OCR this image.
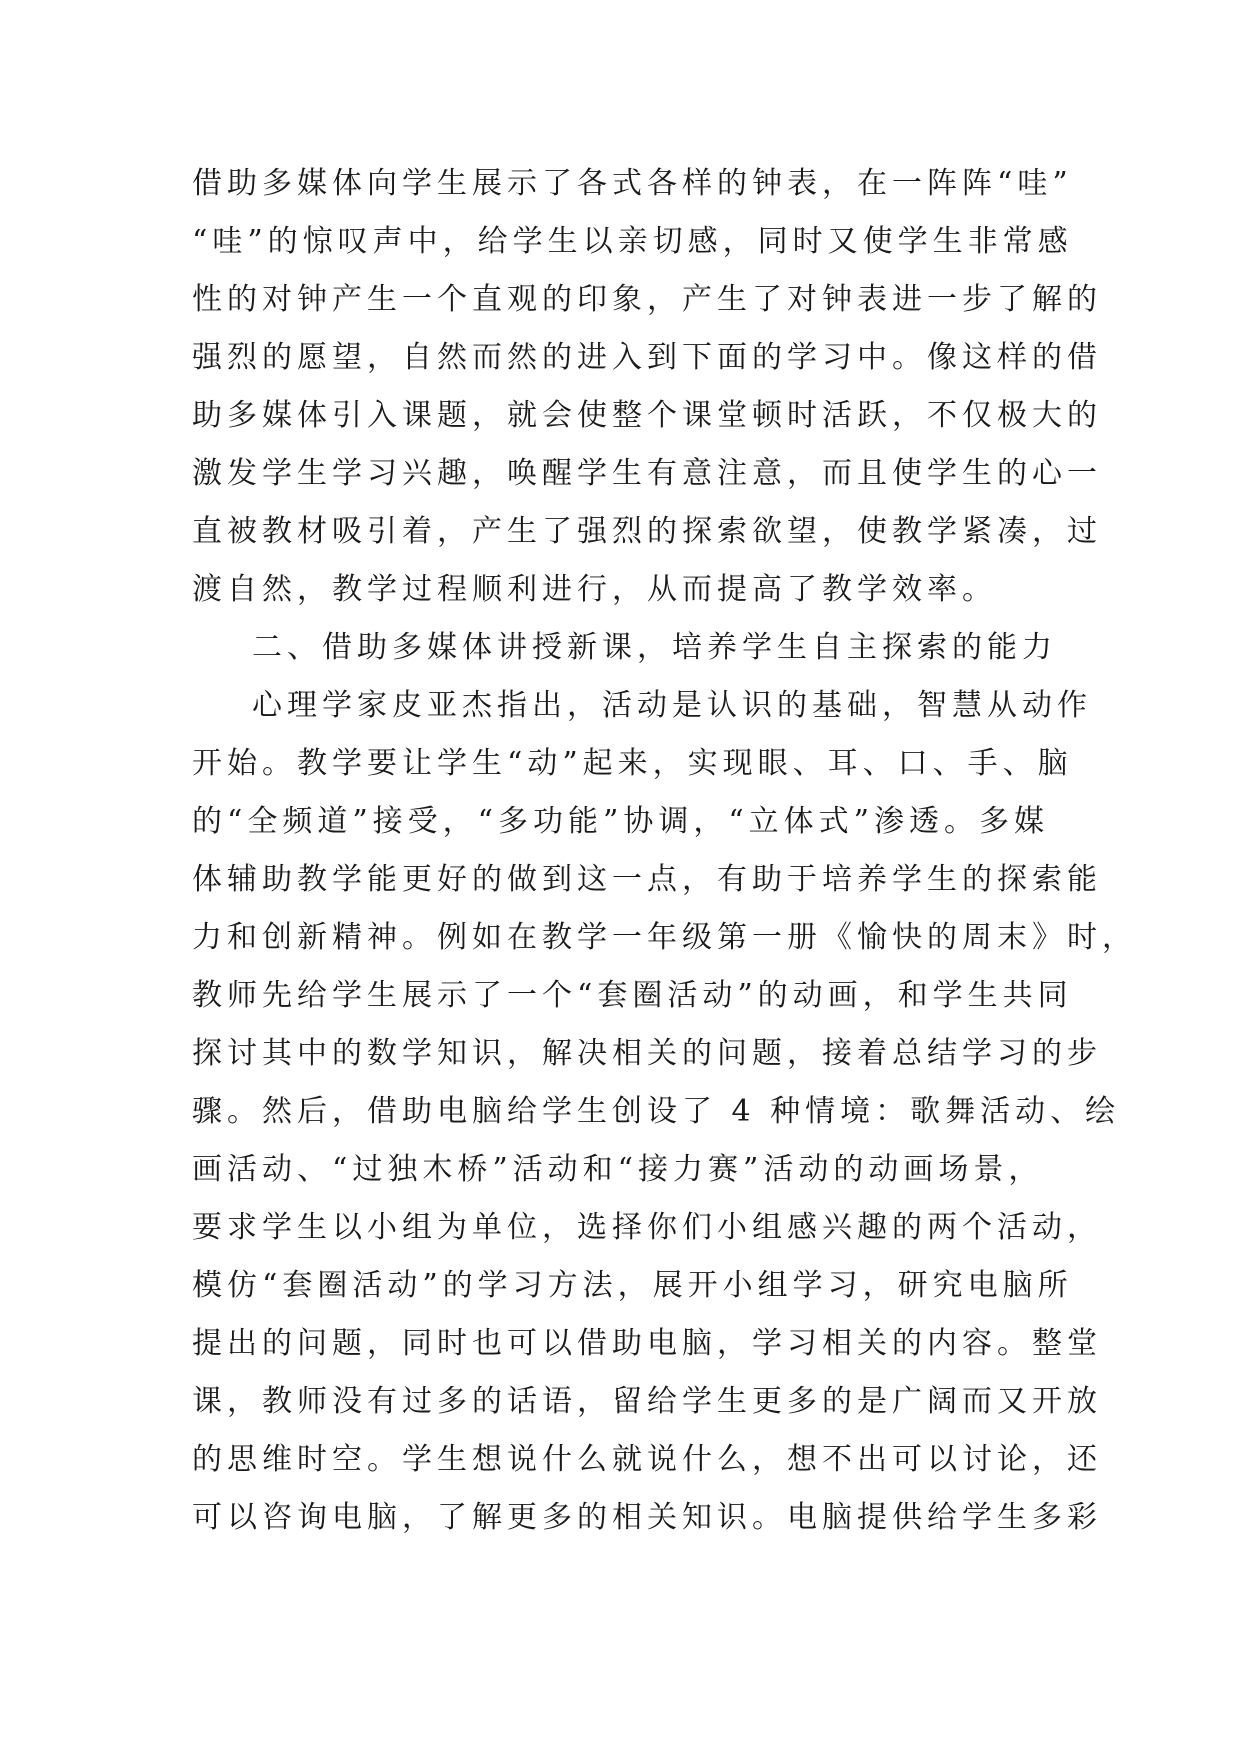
借助多媒体向学生展示了各式各样的钟表，在一阵阵“哇”
“哇”的惊叹声中，给学生以亲切感，同时又使学生非常感
性的对钟产生一个直观的印象，产生了对钟表进一步了解的
强烈的愿望，自然而然的进入到下面的学习中。像这样的借
助多媒体引入课题，就会使整个课堂顿时活跃，不仅极大的
激发学生学习兴趣，唤醒学生有意注意，而且使学生的心一
直被教材吸引着，产生了强烈的探索欲望，使教学紧凑，过
渡自然，教学过程顺利进行，从而提高了教学效率。
二、借助多媒体讲授新课，培养学生自主探索的能力
心理学家皮亚杰指出，活动是认识的基础，智慧从动作
开始。教学要让学生“动”起来，实现眼、耳、口、手、脑
的“全频道”接受，“多功能”协调，“立体式”渗透。多媒
体辅助教学能更好的做到这一点，有助于培养学生的探索能
力和创新精神。例如在教学一年级第一册《愉快的周末》时，
教师先给学生展示了一个“套圈活动”的动画，和学生共同
探讨其中的数学知识，解决相关的问题，接着总结学习的步
骤。然后，借助电脑给学生创设了 4 种情境：歌舞活动、绘
画活动、“过独木桥”活动和“接力赛”活动的动画场景，
要求学生以小组为单位，选择你们小组感兴趣的两个活动，
模仿“套圈活动”的学习方法，展开小组学习，研究电脑所
提出的问题，同时也可以借助电脑，学习相关的内容。整堂
课，教师没有过多的话语，留给学生更多的是广阔而又开放
的思维时空。学生想说什么就说什么，想不出可以讨论，还
可以咨询电脑，了解更多的相关知识。电脑提供给学生多彩
